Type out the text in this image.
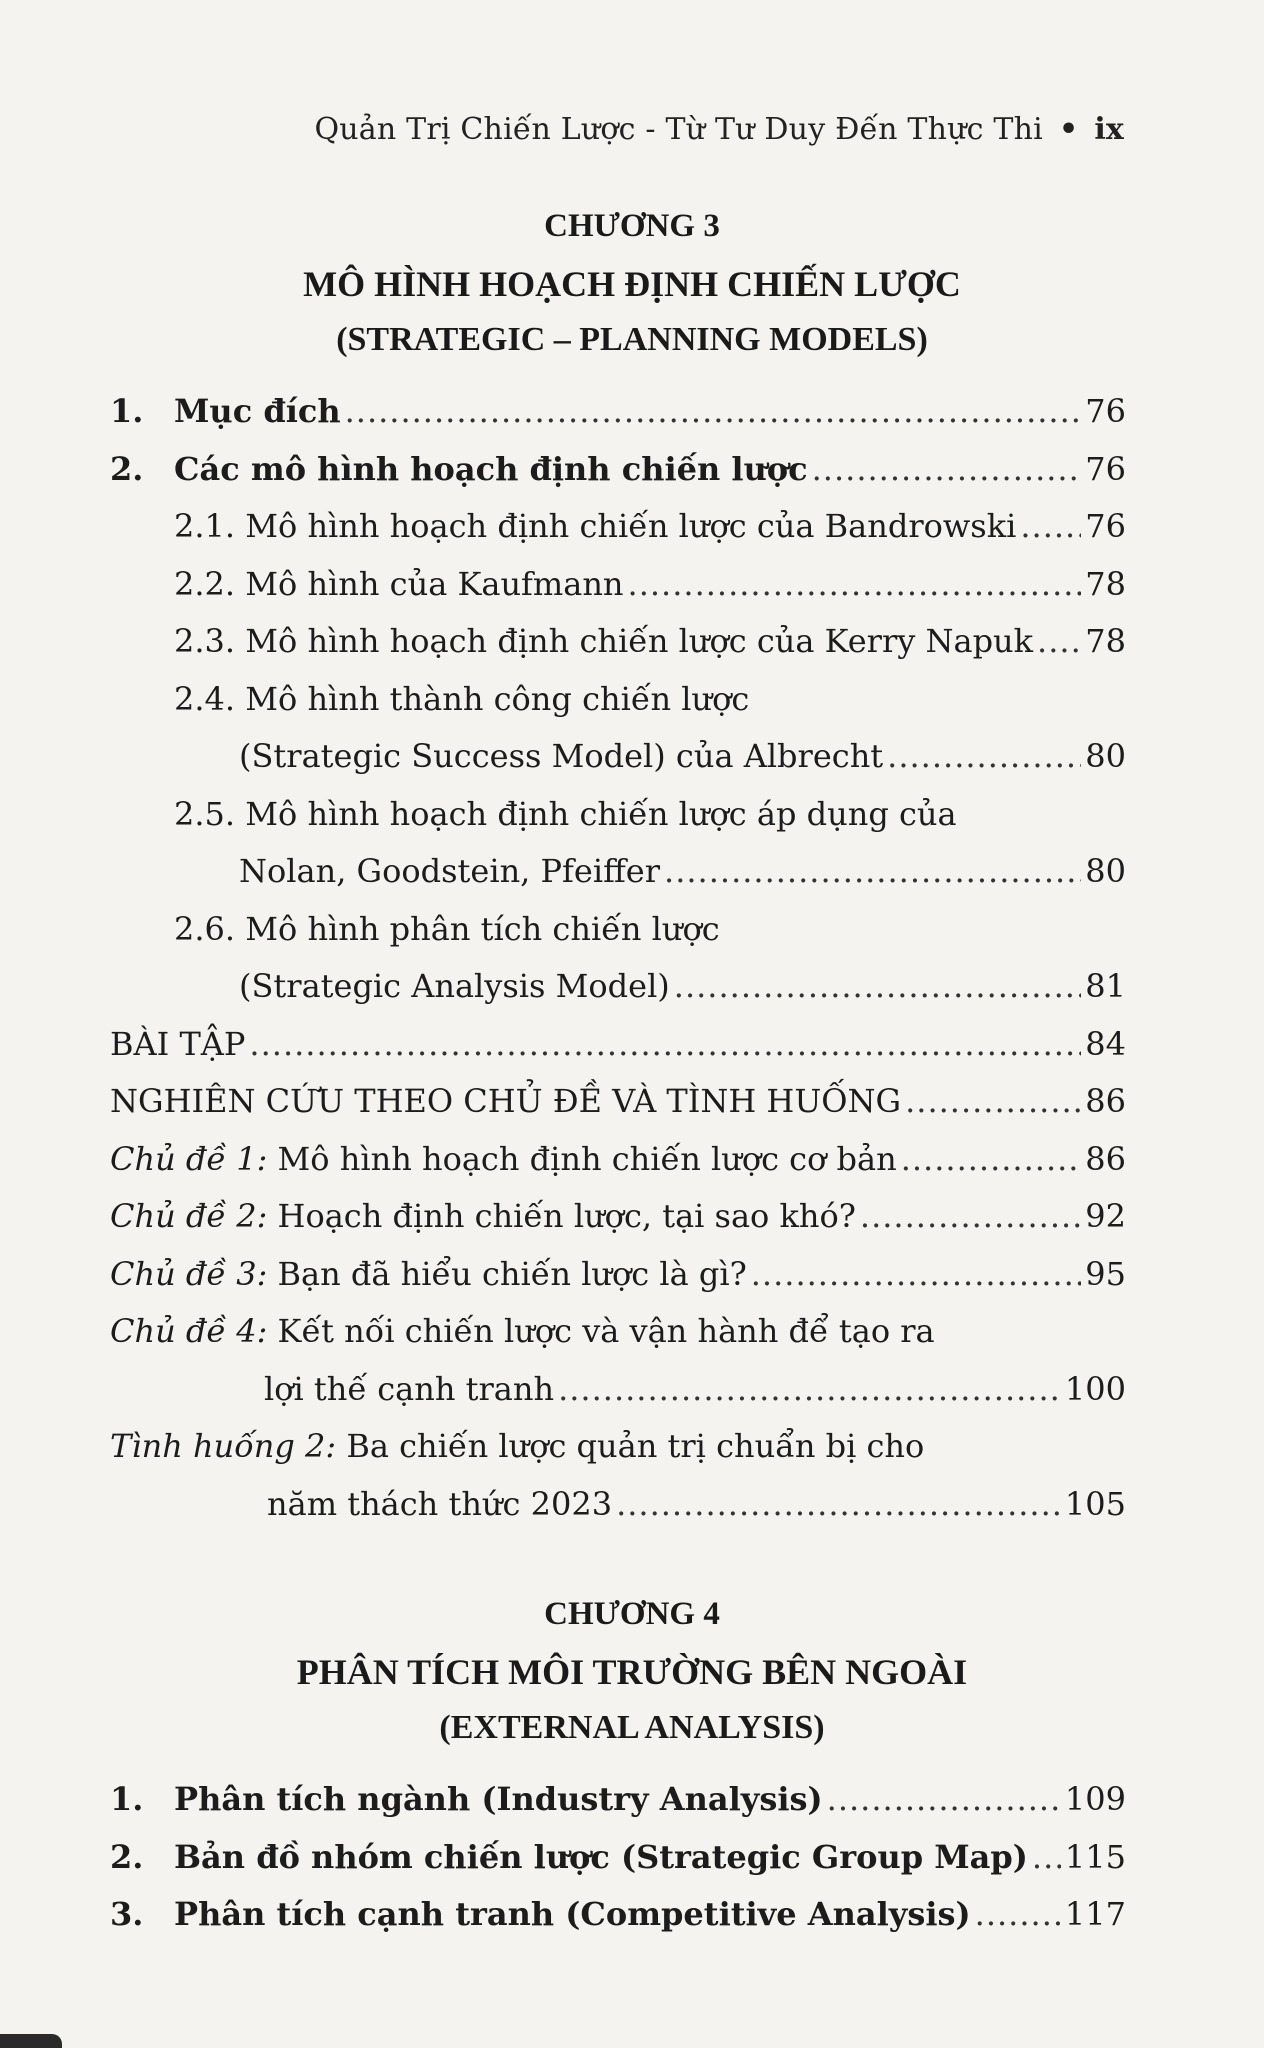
Quản Trị Chiến Lược - Từ Tư Duy Đến Thực Thi • ix
CHƯƠNG 3
MÔ HÌNH HOẠCH ĐỊNH CHIẾN LƯỢC
(STRATEGIC – PLANNING MODELS)
1. Mục đích .....	76
2. Các mô hình hoạch định chiến lược .....	76
2.1. Mô hình hoạch định chiến lược của Bandrowski ..... 76
2.2. Mô hình của Kaufmann .....	78
2.3. Mô hình hoạch định chiến lược của Kerry Napuk ..... 78
2.4. Mô hình thành công chiến lược
(Strategic Success Model) của Albrecht .....	80
2.5. Mô hình hoạch định chiến lược áp dụng của
Nolan, Goodstein, Pfeiffer .....	80
2.6. Mô hình phân tích chiến lược
(Strategic Analysis Model) .....	81
BÀI TẬP .....	84
NGHIÊN CỨU THEO CHỦ ĐỀ VÀ TÌNH HUỐNG .....	86
Chủ đề 1: Mô hình hoạch định chiến lược cơ bản .....	86
Chủ đề 2: Hoạch định chiến lược, tại sao khó? .....	92
Chủ đề 3: Bạn đã hiểu chiến lược là gì? .....	95
Chủ đề 4: Kết nối chiến lược và vận hành để tạo ra
lợi thế cạnh tranh .....	100
Tình huống 2: Ba chiến lược quản trị chuẩn bị cho
năm thách thức 2023 .....	105
CHƯƠNG 4
PHÂN TÍCH MÔI TRƯỜNG BÊN NGOÀI
(EXTERNAL ANALYSIS)
1. Phân tích ngành (Industry Analysis) .....	109
2. Bản đồ nhóm chiến lược (Strategic Group Map) ..... 115
3. Phân tích cạnh tranh (Competitive Analysis) .....	117
